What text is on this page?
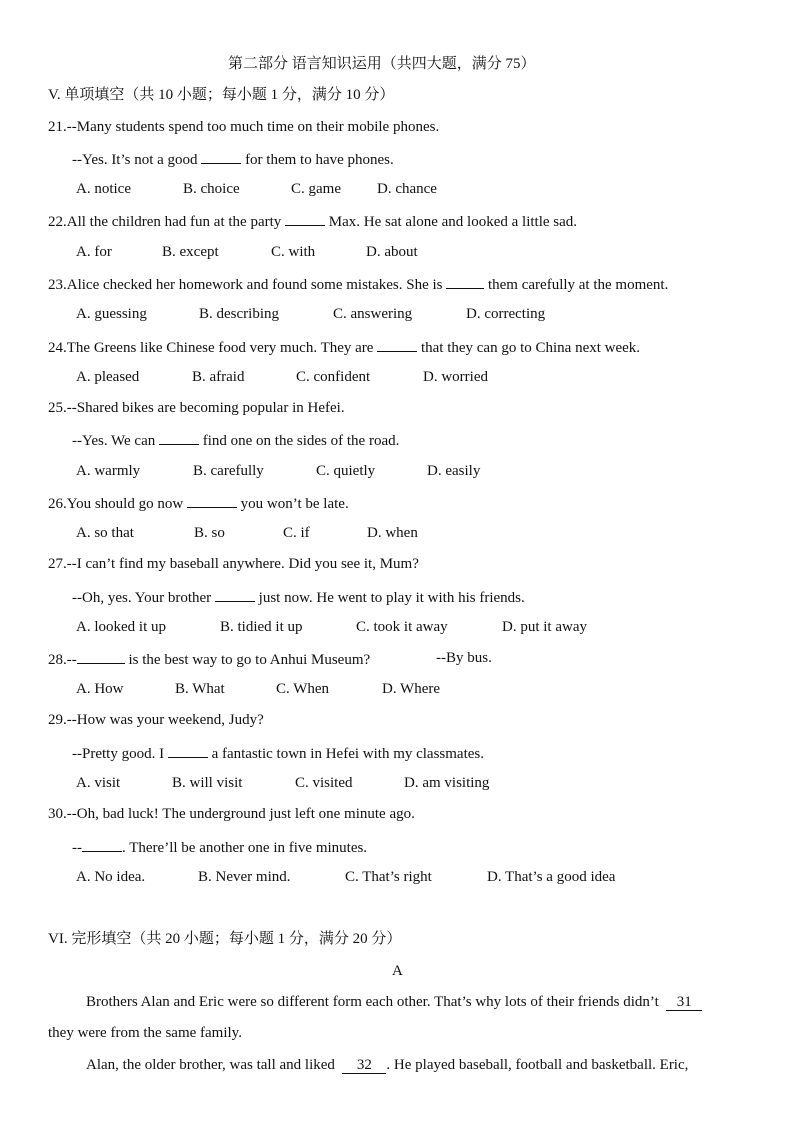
第二部分 语言知识运用（共四大题，满分 75）
V. 单项填空（共 10 小题；每小题 1 分，满分 10 分）
21.--Many students spend too much time on their mobile phones.
--Yes. It’s not a good	for them to have phones.
A. notice	B. choice	C. game D. chance
22.All the children had fun at the party	Max. He sat alone and looked a little sad.
A. for	B. except	C. with	D. about
23.Alice checked her homework and found some mistakes. She is	them carefully at the moment.
A. guessing	B. describing	C. answering	D. correcting
24.The Greens like Chinese food very much. They are	that they can go to China next week.
A. pleased	B. afraid	C. confident	D. worried
25.--Shared bikes are becoming popular in Hefei.
--Yes. We can	find one on the sides of the road.
A. warmly	B. carefully	C. quietly	D. easily
26.You should go now	you won’t be late.
A. so that	B. so	C. if	D. when
27.--I can’t find my baseball anywhere. Did you see it, Mum?
--Oh, yes. Your brother	just now. He went to play it with his friends.
A. looked it up	B. tidied it up	C. took it away	D. put it away
28.--	is the best way to go to Anhui Museum?	--By bus.
A. How	B. What	C. When	D. Where
29.--How was your weekend, Judy?
--Pretty good. I	a fantastic town in Hefei with my classmates.
A. visit	B. will visit	C. visited	D. am visiting
30.--Oh, bad luck! The underground just left one minute ago.
--	. There’ll be another one in five minutes.
A. No idea.	B. Never mind.	C. That’s right	D. That’s a good idea
VI. 完形填空（共 20 小题；每小题 1 分，满分 20 分）
A
Brothers Alan and Eric were so different form each other. That’s why lots of their friends didn’t 31
they were from the same family.
Alan, the older brother, was tall and liked 32 . He played baseball, football and basketball. Eric,
